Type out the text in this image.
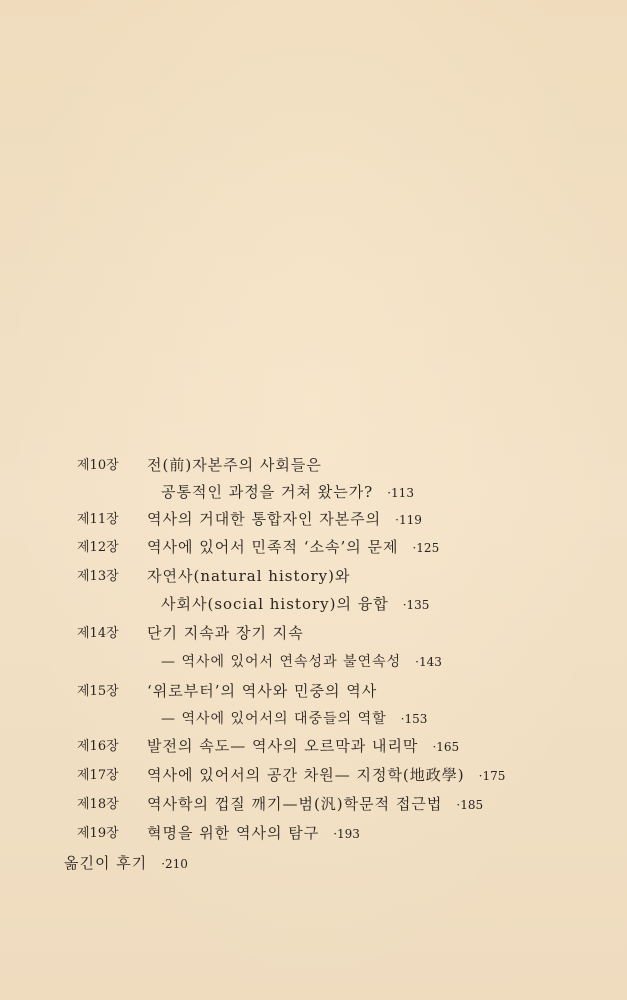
제10장 전(前)자본주의 사회들은
공통적인 과정을 거쳐 왔는가? ·113
제11장 역사의 거대한 통합자인 자본주의 ·119
제12장 역사에 있어서 민족적 ‘소속’의 문제 ·125
제13장 자연사(natural history)와
사회사(social history)의 융합 ·135
제14장 단기 지속과 장기 지속
— 역사에 있어서 연속성과 불연속성 ·143
제15장 ‘위로부터’의 역사와 민중의 역사
— 역사에 있어서의 대중들의 역할 ·153
제16장 발전의 속도— 역사의 오르막과 내리막 ·165
제17장 역사에 있어서의 공간 차원— 지정학(地政學) ·175
제18장 역사학의 껍질 깨기—범(汎)학문적 접근법 ·185
제19장 혁명을 위한 역사의 탐구 ·193
옮긴이 후기 ·210
